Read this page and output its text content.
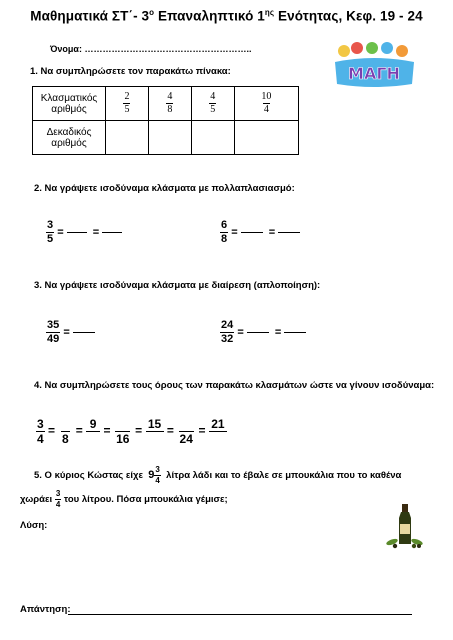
Μαθηματικά ΣΤ΄- $3^o$ Επαναληπτικό $1^{\eta\varsigma}$ Ενότητας, Κεφ. 19 - 24
Όνομα: ………………………………………………..
ΜΑΓΗ
1. Να συμπληρώσετε τον παρακάτω πίνακα:
Κλασματικός αριθμός	$\frac{2}{5}$	$\frac{4}{8}$	$\frac{4}{5}$	$\frac{10}{4}$

Δεκαδικός αριθμός				
2. Να γράψετε ισοδύναμα κλάσματα με πολλαπλασιασμό:
$\frac{3}{5}$ =   =	$\frac{6}{8}$ =	=
3. Να γράψετε ισοδύναμα κλάσματα με διαίρεση (απλοποίηση):
$\frac{35}{49}$ =	$\frac{24}{32}$ =	=
4. Να συμπληρώσετε τους όρους των παρακάτω κλασμάτων ώστε να γίνουν ισοδύναμα:
$\frac{3}{4}$ =
8
= 9 =
16
= 15 =
24
= 21
5. Ο κύριος Κώστας είχε $9 \frac{3}{4}$ λίτρα λάδι και το έβαλε σε μπουκάλια που το καθένα
χωράει $\frac{3}{4}$ του λίτρου. Πόσα μπουκάλια γέμισε;
Λύση:
Απάντηση:
